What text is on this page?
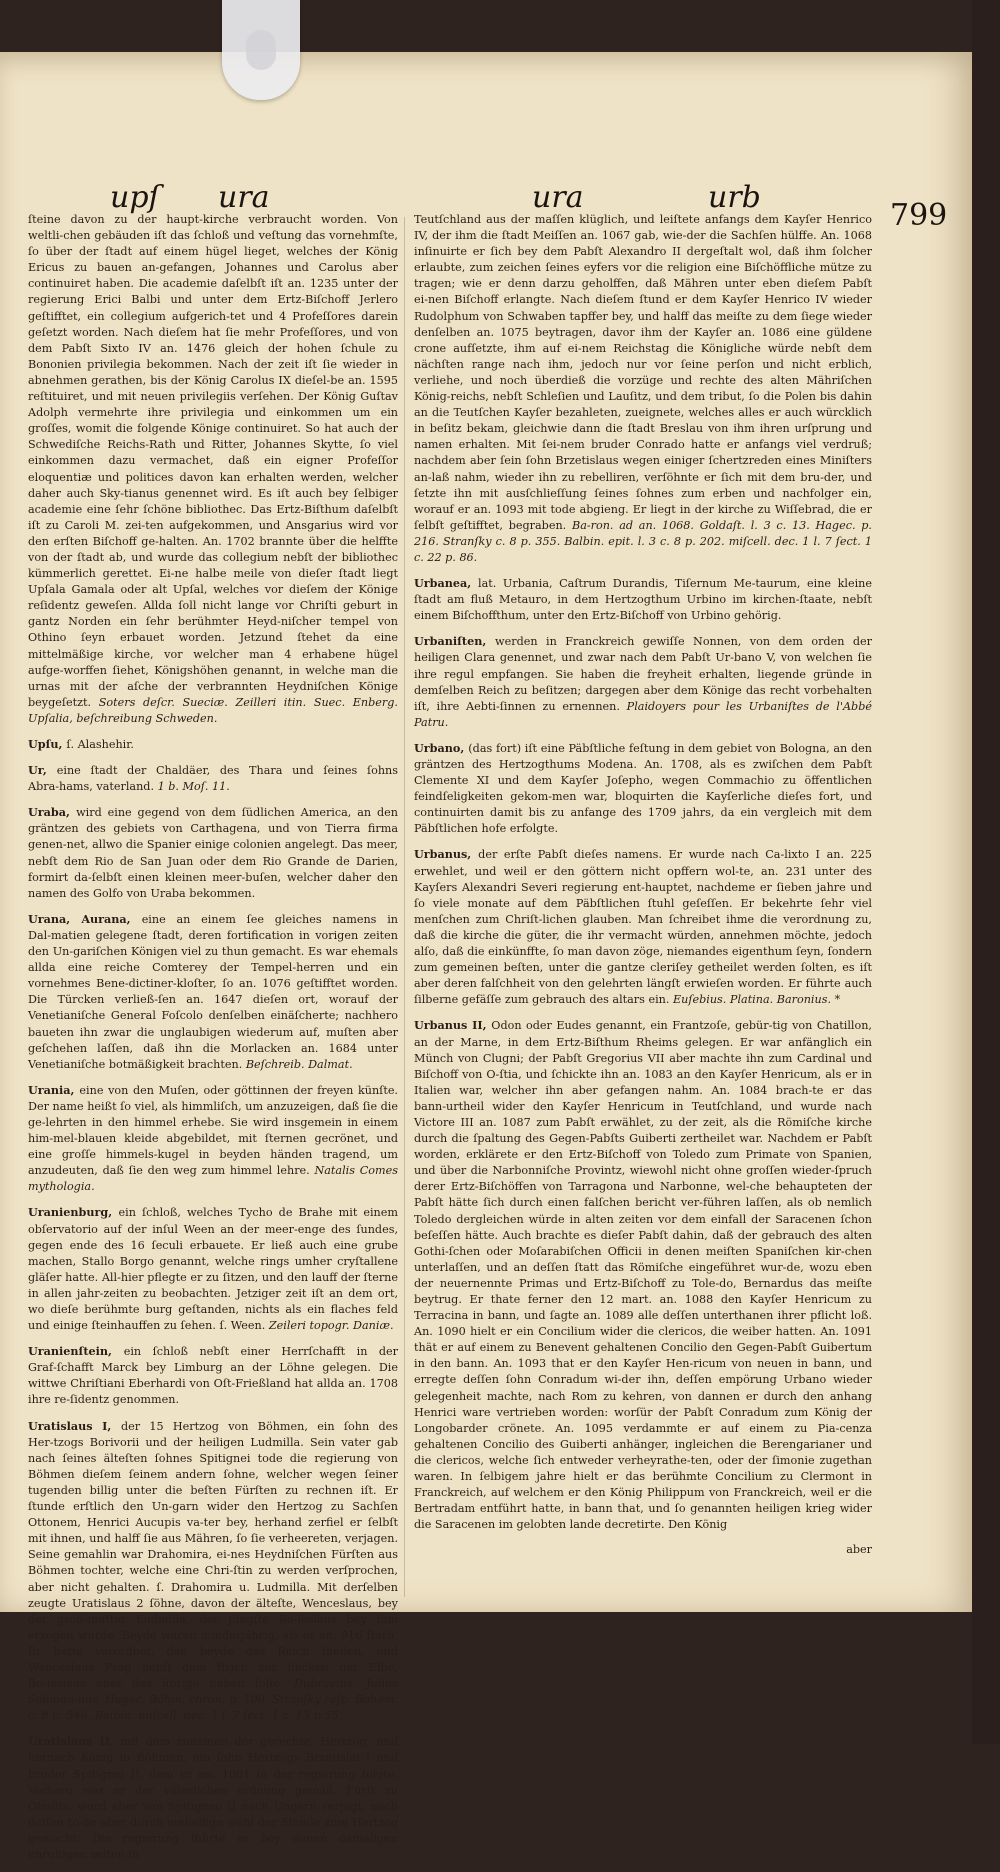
upſ ura	ura	urb
799

ſteine davon zu der haupt‑kirche verbraucht worden. Von weltli‑chen gebäuden iſt das ſchloß und veſtung das vornehmſte, ſo über der ſtadt auf einem hügel lieget, welches der König Ericus zu bauen an‑gefangen, Johannes und Carolus aber continuiret haben. Die academie daſelbſt iſt an. 1235 unter der regierung Erici Balbi und unter dem Ertz‑Biſchoff Jerlero geſtifftet, ein collegium aufgerich‑tet und 4 Profeſſores darein geſetzt worden. Nach dieſem hat ſie mehr Profeſſores, und von dem Pabſt Sixto IV an. 1476 gleich der hohen ſchule zu Bononien privilegia bekommen. Nach der zeit iſt ſie wieder in abnehmen gerathen, bis der König Carolus IX dieſel‑be an. 1595 reſtituiret, und mit neuen privilegiis verſehen. Der König Guſtav Adolph vermehrte ihre privilegia und einkommen um ein groſſes, womit die folgende Könige continuiret. So hat auch der Schwediſche Reichs‑Rath und Ritter, Johannes Skytte, ſo viel einkommen dazu vermachet, daß ein eigner Profeſſor eloquentiæ und politices davon kan erhalten werden, welcher daher auch Sky‑tianus genennet wird. Es iſt auch bey ſelbiger academie eine ſehr ſchöne bibliothec. Das Ertz‑Biſthum daſelbſt iſt zu Caroli M. zei‑ten aufgekommen, und Ansgarius wird vor den erſten Biſchoff ge‑halten. An. 1702 brannte über die helffte von der ſtadt ab, und wurde das collegium nebſt der bibliothec kümmerlich gerettet. Ei‑ne halbe meile von dieſer ſtadt liegt Upſala Gamala oder alt Upſal, welches vor dieſem der Könige reſidentz geweſen. Allda ſoll nicht lange vor Chriſti geburt in gantz Norden ein ſehr berühmter Heyd‑niſcher tempel von Othino ſeyn erbauet worden. Jetzund ſtehet da eine mittelmäßige kirche, vor welcher man 4 erhabene hügel aufge‑worffen ſiehet, Königshöhen genannt, in welche man die urnas mit der aſche der verbrannten Heydniſchen Könige beygeſetzt. Soters deſcr. Sueciæ. Zeilleri itin. Suec. Enberg. Upſalia, beſchreibung Schweden.

Upſu, ſ. Alashehir.

Ur, eine ſtadt der Chaldäer, des Thara und ſeines ſohns Abra‑hams, vaterland. 1 b. Moſ. 11.

Uraba, wird eine gegend von dem ſüdlichen America, an den gräntzen des gebiets von Carthagena, und von Tierra firma genen‑net, allwo die Spanier einige colonien angelegt. Das meer, nebſt dem Rio de San Juan oder dem Rio Grande de Darien, formirt da‑ſelbſt einen kleinen meer‑buſen, welcher daher den namen des Golfo von Uraba bekommen.

Urana, Aurana, eine an einem ſee gleiches namens in Dal‑matien gelegene ſtadt, deren fortification in vorigen zeiten den Un‑gariſchen Königen viel zu thun gemacht. Es war ehemals allda eine reiche Comterey der Tempel‑herren und ein vornehmes Bene‑dictiner‑kloſter, ſo an. 1076 geſtifftet worden. Die Türcken verließ‑ſen an. 1647 dieſen ort, worauf der Venetianiſche General Foſcolo denſelben einäſcherte; nachhero baueten ihn zwar die unglaubigen wiederum auf, muſten aber geſchehen laſſen, daß ihn die Morlacken an. 1684 unter Venetianiſche botmäßigkeit brachten. Beſchreib. Dalmat.

Urania, eine von den Muſen, oder göttinnen der freyen künſte. Der name heißt ſo viel, als himmliſch, um anzuzeigen, daß ſie die ge‑lehrten in den himmel erhebe. Sie wird insgemein in einem him‑mel‑blauen kleide abgebildet, mit ſternen gecrönet, und eine groſſe himmels‑kugel in beyden händen tragend, um anzudeuten, daß ſie den weg zum himmel lehre. Natalis Comes mythologia.

Uranienburg, ein ſchloß, welches Tycho de Brahe mit einem obſervatorio auf der inſul Ween an der meer‑enge des ſundes, gegen ende des 16 ſeculi erbauete. Er ließ auch eine grube machen, Stallo Borgo genannt, welche rings umher cryſtallene gläſer hatte. All‑hier pflegte er zu ſitzen, und den lauff der ſterne in allen jahr‑zeiten zu beobachten. Jetziger zeit iſt an dem ort, wo dieſe berühmte burg geſtanden, nichts als ein flaches feld und einige ſteinhauffen zu ſehen. ſ. Ween. Zeileri topogr. Daniæ.

Uranienſtein, ein ſchloß nebſt einer Herrſchafft in der Graf‑ſchafft Marck bey Limburg an der Löhne gelegen. Die wittwe Chriſtiani Eberhardi von Oſt‑Frießland hat allda an. 1708 ihre re‑ſidentz genommen.

Uratislaus I, der 15 Hertzog von Böhmen, ein ſohn des Her‑tzogs Borivorii und der heiligen Ludmilla. Sein vater gab nach ſeines älteſten ſohnes Spitignei tode die regierung von Böhmen dieſem ſeinem andern ſohne, welcher wegen ſeiner tugenden billig unter die beſten Fürſten zu rechnen iſt. Er ſtunde erſtlich den Un‑garn wider den Hertzog zu Sachſen Ottonem, Henrici Aucupis va‑ter bey, herhand zerfiel er ſelbſt mit ihnen, und halff ſie aus Mähren, ſo ſie verheereten, verjagen. Seine gemahlin war Drahomira, ei‑nes Heydniſchen Fürſten aus Böhmen tochter, welche eine Chri‑ſtin zu werden verſprochen, aber nicht gehalten. ſ. Drahomira u. Ludmilla. Mit derſelben zeugte Uratislaus 2 ſöhne, davon der älteſte, Wenceslaus, bey der groß‑mutter Ludmilla, der jüngſte Bo‑leslaus bey ihm erzogen wurde. Beyde waren minderjährig, als er an. 916 ſtarb. Er hatte verordnet, daß beyde das Reich theilen, und Wenceslaus Prag nebſt dem ſtrich zur lincken der Elbe, Bo‑leslaus aber das übrige haben ſolte. Dubravius. Julius Soliman‑nus. Hagec. Böhm. chron. p. 100. Stranſky reſp. Bohem. c. 8 p. 346. Balbin. miſcell. dec. 1 l. 7 ſect. 1 c. 13 p 55.

Uratislaus II, mit dem zunamen der gerechte, Hertzog, und hernach König in Böhmen, ein ſohn Hertzogs Brzetislai I und bruder Spitignei II, dem er an. 1061 in der regierung folgte. Vorhero war er der väterlichen ordnung gemäß, Fürſt zu Olmütz, ward aber von Spitigneo II nach Ungarn verjagt, nach deſſen to‑de aber durch einhellige wahl der Stände zum Hertzog gemacht. Die regierung führte er bey denen damaligen unruhigen zeiten in

Teutſchland aus der maſſen klüglich, und leiſtete anfangs dem Kayſer Henrico IV, der ihm die ſtadt Meiſſen an. 1067 gab, wie‑der die Sachſen hülffe. An. 1068 inſinuirte er ſich bey dem Pabſt Alexandro II dergeſtalt wol, daß ihm ſolcher erlaubte, zum zeichen ſeines eyfers vor die religion eine Biſchöffliche mütze zu tragen; wie er denn darzu geholffen, daß Mähren unter eben dieſem Pabſt ei‑nen Biſchoff erlangte. Nach dieſem ſtund er dem Kayſer Henrico IV wieder Rudolphum von Schwaben tapffer bey, und halff das meiſte zu dem ſiege wieder denſelben an. 1075 beytragen, davor ihm der Kayſer an. 1086 eine güldene crone aufſetzte, ihm auf ei‑nem Reichstag die Königliche würde nebſt dem nächſten range nach ihm, jedoch nur vor ſeine perſon und nicht erblich, verliehe, und noch überdieß die vorzüge und rechte des alten Mähriſchen König‑reichs, nebſt Schleſien und Lauſitz, und dem tribut, ſo die Polen bis dahin an die Teutſchen Kayſer bezahleten, zueignete, welches alles er auch würcklich in beſitz bekam, gleichwie dann die ſtadt Breslau von ihm ihren urſprung und namen erhalten. Mit ſei‑nem bruder Conrado hatte er anfangs viel verdruß; nachdem aber ſein ſohn Brzetislaus wegen einiger ſchertzreden eines Miniſters an‑laß nahm, wieder ihn zu rebelliren, verſöhnte er ſich mit dem bru‑der, und ſetzte ihn mit ausſchlieſſung ſeines ſohnes zum erben und nachfolger ein, worauf er an. 1093 mit tode abgieng. Er liegt in der kirche zu Wiſſebrad, die er ſelbſt geſtifftet, begraben. Ba‑ron. ad an. 1068. Goldaſt. l. 3 c. 13. Hagec. p. 216. Stranſky c. 8 p. 355. Balbin. epit. l. 3 c. 8 p. 202. miſcell. dec. 1 l. 7 ſect. 1 c. 22 p. 86.

Urbanea, lat. Urbania, Caſtrum Durandis, Tiſernum Me‑taurum, eine kleine ſtadt am fluß Metauro, in dem Hertzogthum Urbino im kirchen‑ſtaate, nebſt einem Biſchoffthum, unter den Ertz‑Biſchoff von Urbino gehörig.

Urbaniſten, werden in Franckreich gewiſſe Nonnen, von dem orden der heiligen Clara genennet, und zwar nach dem Pabſt Ur‑bano V, von welchen ſie ihre regul empfangen. Sie haben die freyheit erhalten, liegende gründe in demſelben Reich zu beſitzen; dargegen aber dem Könige das recht vorbehalten iſt, ihre Aebti‑ſinnen zu ernennen. Plaidoyers pour les Urbaniſtes de l'Abbé Patru.

Urbano, (das fort) iſt eine Päbſtliche feſtung in dem gebiet von Bologna, an den gräntzen des Hertzogthums Modena. An. 1708, als es zwiſchen dem Pabſt Clemente XI und dem Kayſer Joſepho, wegen Commachio zu öffentlichen feindſeligkeiten gekom‑men war, bloquirten die Kayſerliche dieſes fort, und continuirten damit bis zu anfange des 1709 jahrs, da ein vergleich mit dem Päbſtlichen hofe erfolgte.

Urbanus, der erſte Pabſt dieſes namens. Er wurde nach Ca‑lixto I an. 225 erwehlet, und weil er den göttern nicht opffern wol‑te, an. 231 unter des Kayſers Alexandri Severi regierung ent‑hauptet, nachdeme er ſieben jahre und ſo viele monate auf dem Päbſtlichen ſtuhl geſeſſen. Er bekehrte ſehr viel menſchen zum Chriſt‑lichen glauben. Man ſchreibet ihme die verordnung zu, daß die kirche die güter, die ihr vermacht würden, annehmen möchte, jedoch alſo, daß die einkünffte, ſo man davon zöge, niemandes eigenthum ſeyn, ſondern zum gemeinen beſten, unter die gantze cleriſey getheilet werden ſolten, es iſt aber deren falſchheit von den gelehrten längſt erwieſen worden. Er führte auch ſilberne gefäſſe zum gebrauch des altars ein. Euſebius. Platina. Baronius. *

Urbanus II, Odon oder Eudes genannt, ein Frantzoſe, gebür‑tig von Chatillon, an der Marne, in dem Ertz‑Biſthum Rheims gelegen. Er war anfänglich ein Münch von Clugni; der Pabſt Gregorius VII aber machte ihn zum Cardinal und Biſchoff von O‑ſtia, und ſchickte ihn an. 1083 an den Kayſer Henricum, als er in Italien war, welcher ihn aber gefangen nahm. An. 1084 brach‑te er das bann‑urtheil wider den Kayſer Henricum in Teutſchland, und wurde nach Victore III an. 1087 zum Pabſt erwählet, zu der zeit, als die Römiſche kirche durch die ſpaltung des Gegen‑Pabſts Guiberti zertheilet war. Nachdem er Pabſt worden, erklärete er den Ertz‑Biſchoff von Toledo zum Primate von Spanien, und über die Narbonniſche Provintz, wiewohl nicht ohne groſſen wieder‑ſpruch derer Ertz‑Biſchöffen von Tarragona und Narbonne, wel‑che behaupteten der Pabſt hätte ſich durch einen falſchen bericht ver‑führen laſſen, als ob nemlich Toledo dergleichen würde in alten zeiten vor dem einfall der Saracenen ſchon beſeſſen hätte. Auch brachte es dieſer Pabſt dahin, daß der gebrauch des alten Gothi‑ſchen oder Moſarabiſchen Officii in denen meiſten Spaniſchen kir‑chen unterlaſſen, und an deſſen ſtatt das Römiſche eingeführet wur‑de, wozu eben der neuernennte Primas und Ertz‑Biſchoff zu Tole‑do, Bernardus das meiſte beytrug. Er thate ferner den 12 mart. an. 1088 den Kayſer Henricum zu Terracina in bann, und ſagte an. 1089 alle deſſen unterthanen ihrer pflicht loß. An. 1090 hielt er ein Concilium wider die clericos, die weiber hatten. An. 1091 thät er auf einem zu Benevent gehaltenen Concilio den Gegen‑Pabſt Guibertum in den bann. An. 1093 that er den Kayſer Hen‑ricum von neuen in bann, und erregte deſſen ſohn Conradum wi‑der ihn, deſſen empörung Urbano wieder gelegenheit machte, nach Rom zu kehren, von dannen er durch den anhang Henrici ware vertrieben worden: worſür der Pabſt Conradum zum König der Longobarder crönete. An. 1095 verdammte er auf einem zu Pia‑cenza gehaltenen Concilio des Guiberti anhänger, ingleichen die Berengarianer und die clericos, welche ſich entweder verheyrathe‑ten, oder der ſimonie zugethan waren. In ſelbigem jahre hielt er das berühmte Concilium zu Clermont in Franckreich, auf welchem er den König Philippum von Franckreich, weil er die Bertradam entführt hatte, in bann that, und ſo genannten heiligen krieg wider die Saracenen im gelobten lande decretirte. Den König

aber
